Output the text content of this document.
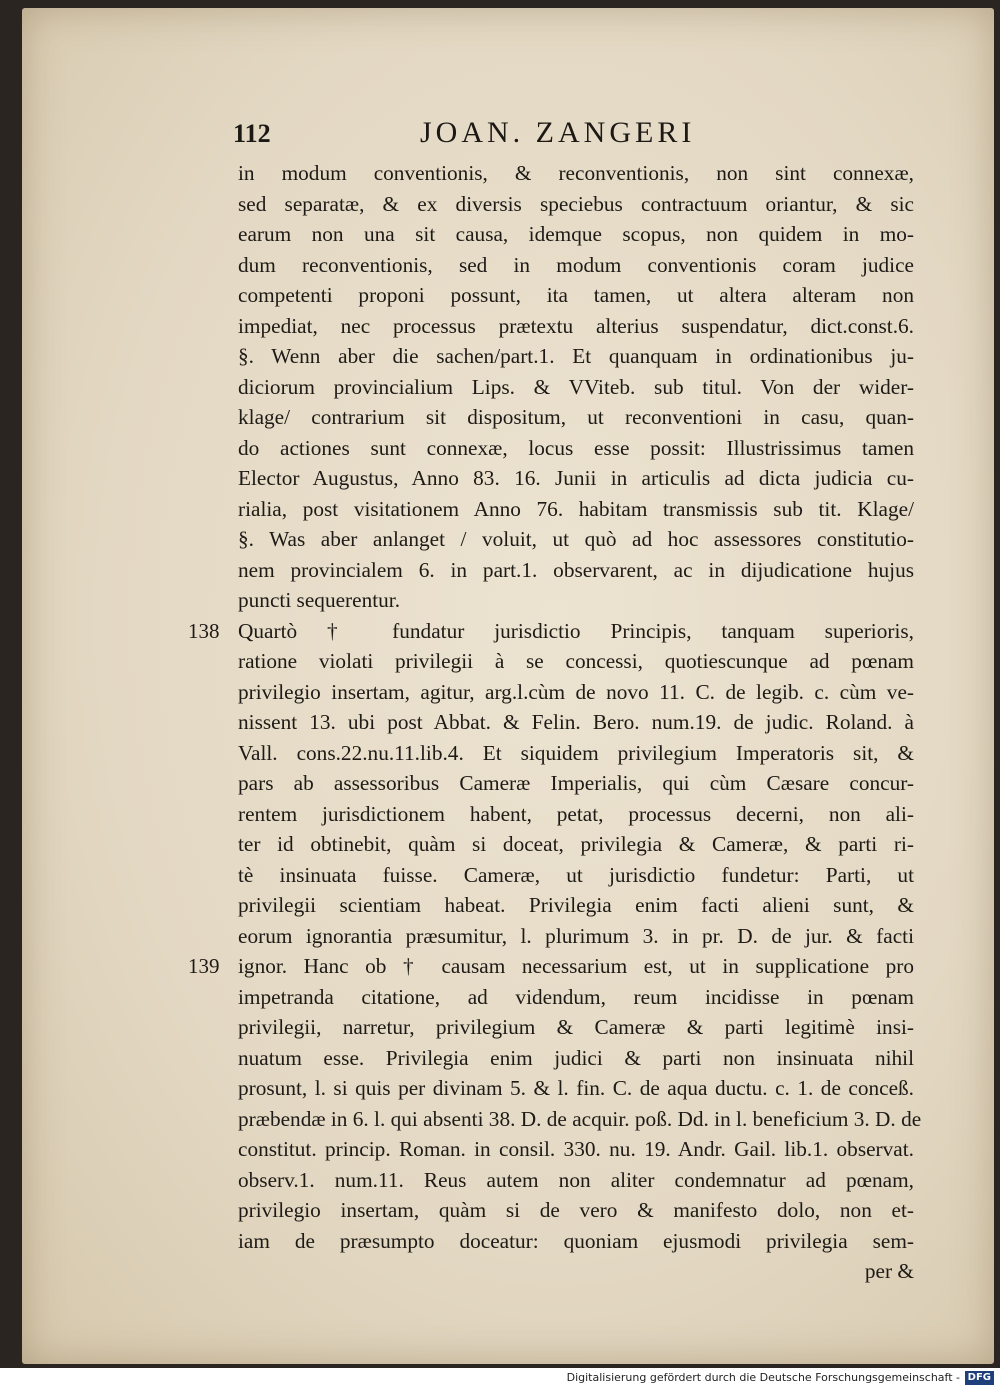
112	JOAN. ZANGERI
in modum conventionis, & reconventionis, non sint connexæ,
sed separatæ, & ex diversis speciebus contractuum oriantur, & sic
earum non una sit causa, idemque scopus, non quidem in mo-
dum reconventionis, sed in modum conventionis coram judice
competenti proponi possunt, ita tamen, ut altera alteram non
impediat, nec processus prætextu alterius suspendatur, dict.const.6.
§. Wenn aber die sachen/part.1. Et quanquam in ordinationibus ju-
diciorum provincialium Lips. & VViteb. sub titul. Von der wider-
klage/ contrarium sit dispositum, ut reconventioni in casu, quan-
do actiones sunt connexæ, locus esse possit: Illustrissimus tamen
Elector Augustus, Anno 83. 16. Junii in articulis ad dicta judicia cu-
rialia, post visitationem Anno 76. habitam transmissis sub tit. Klage/
§. Was aber anlanget / voluit, ut quò ad hoc assessores constitutio-
nem provincialem 6. in part.1. observarent, ac in dijudicatione hujus
puncti sequerentur.
138 Quartò † fundatur jurisdictio Principis, tanquam superioris,
ratione violati privilegii à se concessi, quotiescunque ad pœnam
privilegio insertam, agitur, arg.l.cùm de novo 11. C. de legib. c. cùm ve-
nissent 13. ubi post Abbat. & Felin. Bero. num.19. de judic. Roland. à
Vall. cons.22.nu.11.lib.4. Et siquidem privilegium Imperatoris sit, &
pars ab assessoribus Cameræ Imperialis, qui cùm Cæsare concur-
rentem jurisdictionem habent, petat, processus decerni, non ali-
ter id obtinebit, quàm si doceat, privilegia & Cameræ, & parti ri-
tè insinuata fuisse. Cameræ, ut jurisdictio fundetur: Parti, ut
privilegii scientiam habeat. Privilegia enim facti alieni sunt, &
eorum ignorantia præsumitur, l. plurimum 3. in pr. D. de jur. & facti
139 ignor. Hanc ob † causam necessarium est, ut in supplicatione pro
impetranda citatione, ad videndum, reum incidisse in pœnam
privilegii, narretur, privilegium & Cameræ & parti legitimè insi-
nuatum esse. Privilegia enim judici & parti non insinuata nihil
prosunt, l. si quis per divinam 5. & l. fin. C. de aqua ductu. c. 1. de conceß.
præbendæ in 6. l. qui absenti 38. D. de acquir. poß. Dd. in l. beneficium 3. D. de
constitut. princip. Roman. in consil. 330. nu. 19. Andr. Gail. lib.1. observat.
observ.1. num.11. Reus autem non aliter condemnatur ad pœnam,
privilegio insertam, quàm si de vero & manifesto dolo, non et-
iam de præsumpto doceatur: quoniam ejusmodi privilegia sem-
per &
Digitalisierung gefördert durch die Deutsche Forschungsgemeinschaft - DFG
